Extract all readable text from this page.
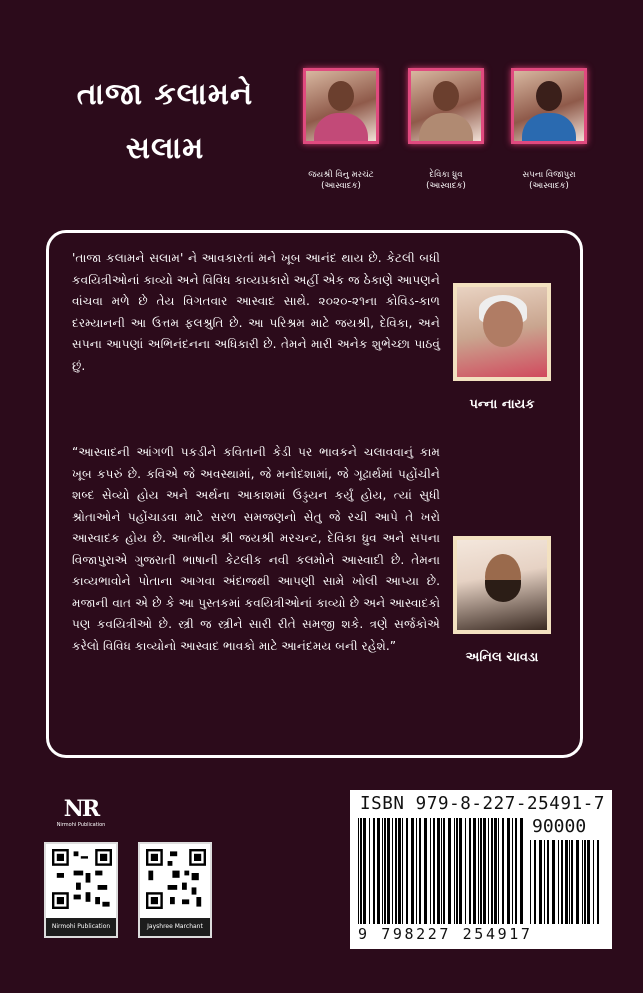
તાજા કલામને
સલામ
જયશ્રી વિનુ મરચંટ
(આસ્વાદક)
દેવિકા ધ્રુવ
(આસ્વાદક)
સપના વિજાપુરા
(આસ્વાદક)

'તાજા કલામને સલામ' ને આવકારતાં મને ખૂબ આનંદ થાય છે. કેટલી બધી કવયિત્રીઓનાં કાવ્યો અને વિવિધ કાવ્યપ્રકારો અહીં એક જ ઠેકાણે આપણને વાંચવા મળે છે તેય વિગતવાર આસ્વાદ સાથે. ૨૦૨૦-૨૧ના કોવિડ-કાળ દરમ્યાનની આ ઉત્તમ ફલશ્રુતિ છે. આ પરિશ્રમ માટે જયશ્રી, દેવિકા, અને સપના આપણાં અભિનંદનના અધિકારી છે. તેમને મારી અનેક શુભેચ્છા પાઠવું છું.

પન્ના નાયક

“આસ્વાદની આંગળી પકડીને કવિતાની કેડી પર ભાવકને ચલાવવાનું કામ ખૂબ કપરું છે. કવિએ જે અવસ્થામાં, જે મનોદશામાં, જે ગૂઢાર્થમાં પહોંચીને શબ્દ સેવ્યો હોય અને અર્થના આકાશમાં ઉડ્ડયન કર્યું હોય, ત્યાં સુધી શ્રોતાઓને પહોંચાડવા માટે સરળ સમજણનો સેતુ જે રચી આપે તે ખરો આસ્વાદક હોય છે. આત્મીય શ્રી જયશ્રી મરચન્ટ, દેવિકા ધ્રુવ અને સપના વિજાપુરાએ ગુજરાતી ભાષાની કેટલીક નવી કલમોને આસ્વાદી છે. તેમના કાવ્યભાવોને પોતાના આગવા અંદાજથી આપણી સામે ખોલી આપ્યા છે. મજાની વાત એ છે કે આ પુસ્તકમાં કવયિત્રીઓનાં કાવ્યો છે અને આસ્વાદકો પણ કવયિત્રીઓ છે. સ્ત્રી જ સ્ત્રીને સારી રીતે સમજી શકે. ત્રણે સર્જકોએ કરેલો વિવિધ કાવ્યોનો આસ્વાદ ભાવકો માટે આનંદમય બની રહેશે.”

અનિલ ચાવડા
NR
Nirmohi Publication
Nirmohi Publication	Jayshree Marchant
ISBN 979-8-227-25491-7
90000
9 798227 254917
